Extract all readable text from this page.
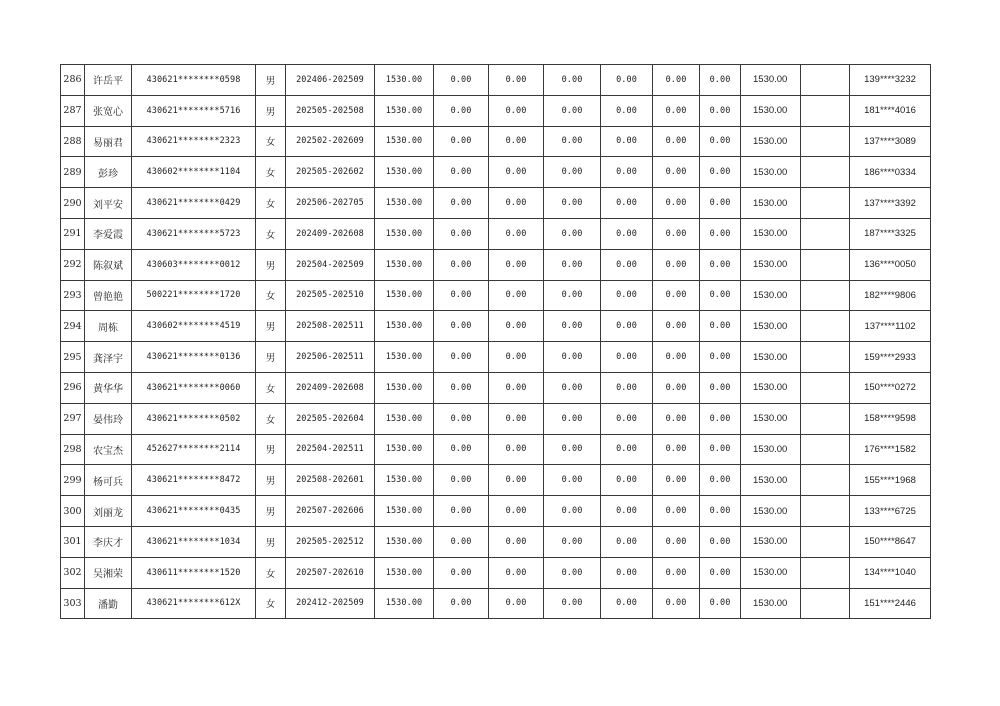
286	许岳平	430621********0598	男	202406-202509	1530.00	0.00	0.00	0.00	0.00	0.00	0.00	1530.00		139****3232
287	张宽心	430621********5716	男	202505-202508	1530.00	0.00	0.00	0.00	0.00	0.00	0.00	1530.00		181****4016
288	易丽君	430621********2323	女	202502-202609	1530.00	0.00	0.00	0.00	0.00	0.00	0.00	1530.00		137****3089
289	彭珍	430602********1104	女	202505-202602	1530.00	0.00	0.00	0.00	0.00	0.00	0.00	1530.00		186****0334
290	刘平安	430621********0429	女	202506-202705	1530.00	0.00	0.00	0.00	0.00	0.00	0.00	1530.00		137****3392
291	李爱霞	430621********5723	女	202409-202608	1530.00	0.00	0.00	0.00	0.00	0.00	0.00	1530.00		187****3325
292	陈叙斌	430603********0012	男	202504-202509	1530.00	0.00	0.00	0.00	0.00	0.00	0.00	1530.00		136****0050
293	曾艳艳	500221********1720	女	202505-202510	1530.00	0.00	0.00	0.00	0.00	0.00	0.00	1530.00		182****9806
294	周栋	430602********4519	男	202508-202511	1530.00	0.00	0.00	0.00	0.00	0.00	0.00	1530.00		137****1102
295	龚泽宇	430621********0136	男	202506-202511	1530.00	0.00	0.00	0.00	0.00	0.00	0.00	1530.00		159****2933
296	黄华华	430621********0060	女	202409-202608	1530.00	0.00	0.00	0.00	0.00	0.00	0.00	1530.00		150****0272
297	晏伟玲	430621********0502	女	202505-202604	1530.00	0.00	0.00	0.00	0.00	0.00	0.00	1530.00		158****9598
298	农宝杰	452627********2114	男	202504-202511	1530.00	0.00	0.00	0.00	0.00	0.00	0.00	1530.00		176****1582
299	杨可兵	430621********8472	男	202508-202601	1530.00	0.00	0.00	0.00	0.00	0.00	0.00	1530.00		155****1968
300	刘丽龙	430621********0435	男	202507-202606	1530.00	0.00	0.00	0.00	0.00	0.00	0.00	1530.00		133****6725
301	李庆才	430621********1034	男	202505-202512	1530.00	0.00	0.00	0.00	0.00	0.00	0.00	1530.00		150****8647
302	吴湘荣	430611********1520	女	202507-202610	1530.00	0.00	0.00	0.00	0.00	0.00	0.00	1530.00		134****1040
303	潘勤	430621********612X	女	202412-202509	1530.00	0.00	0.00	0.00	0.00	0.00	0.00	1530.00		151****2446
